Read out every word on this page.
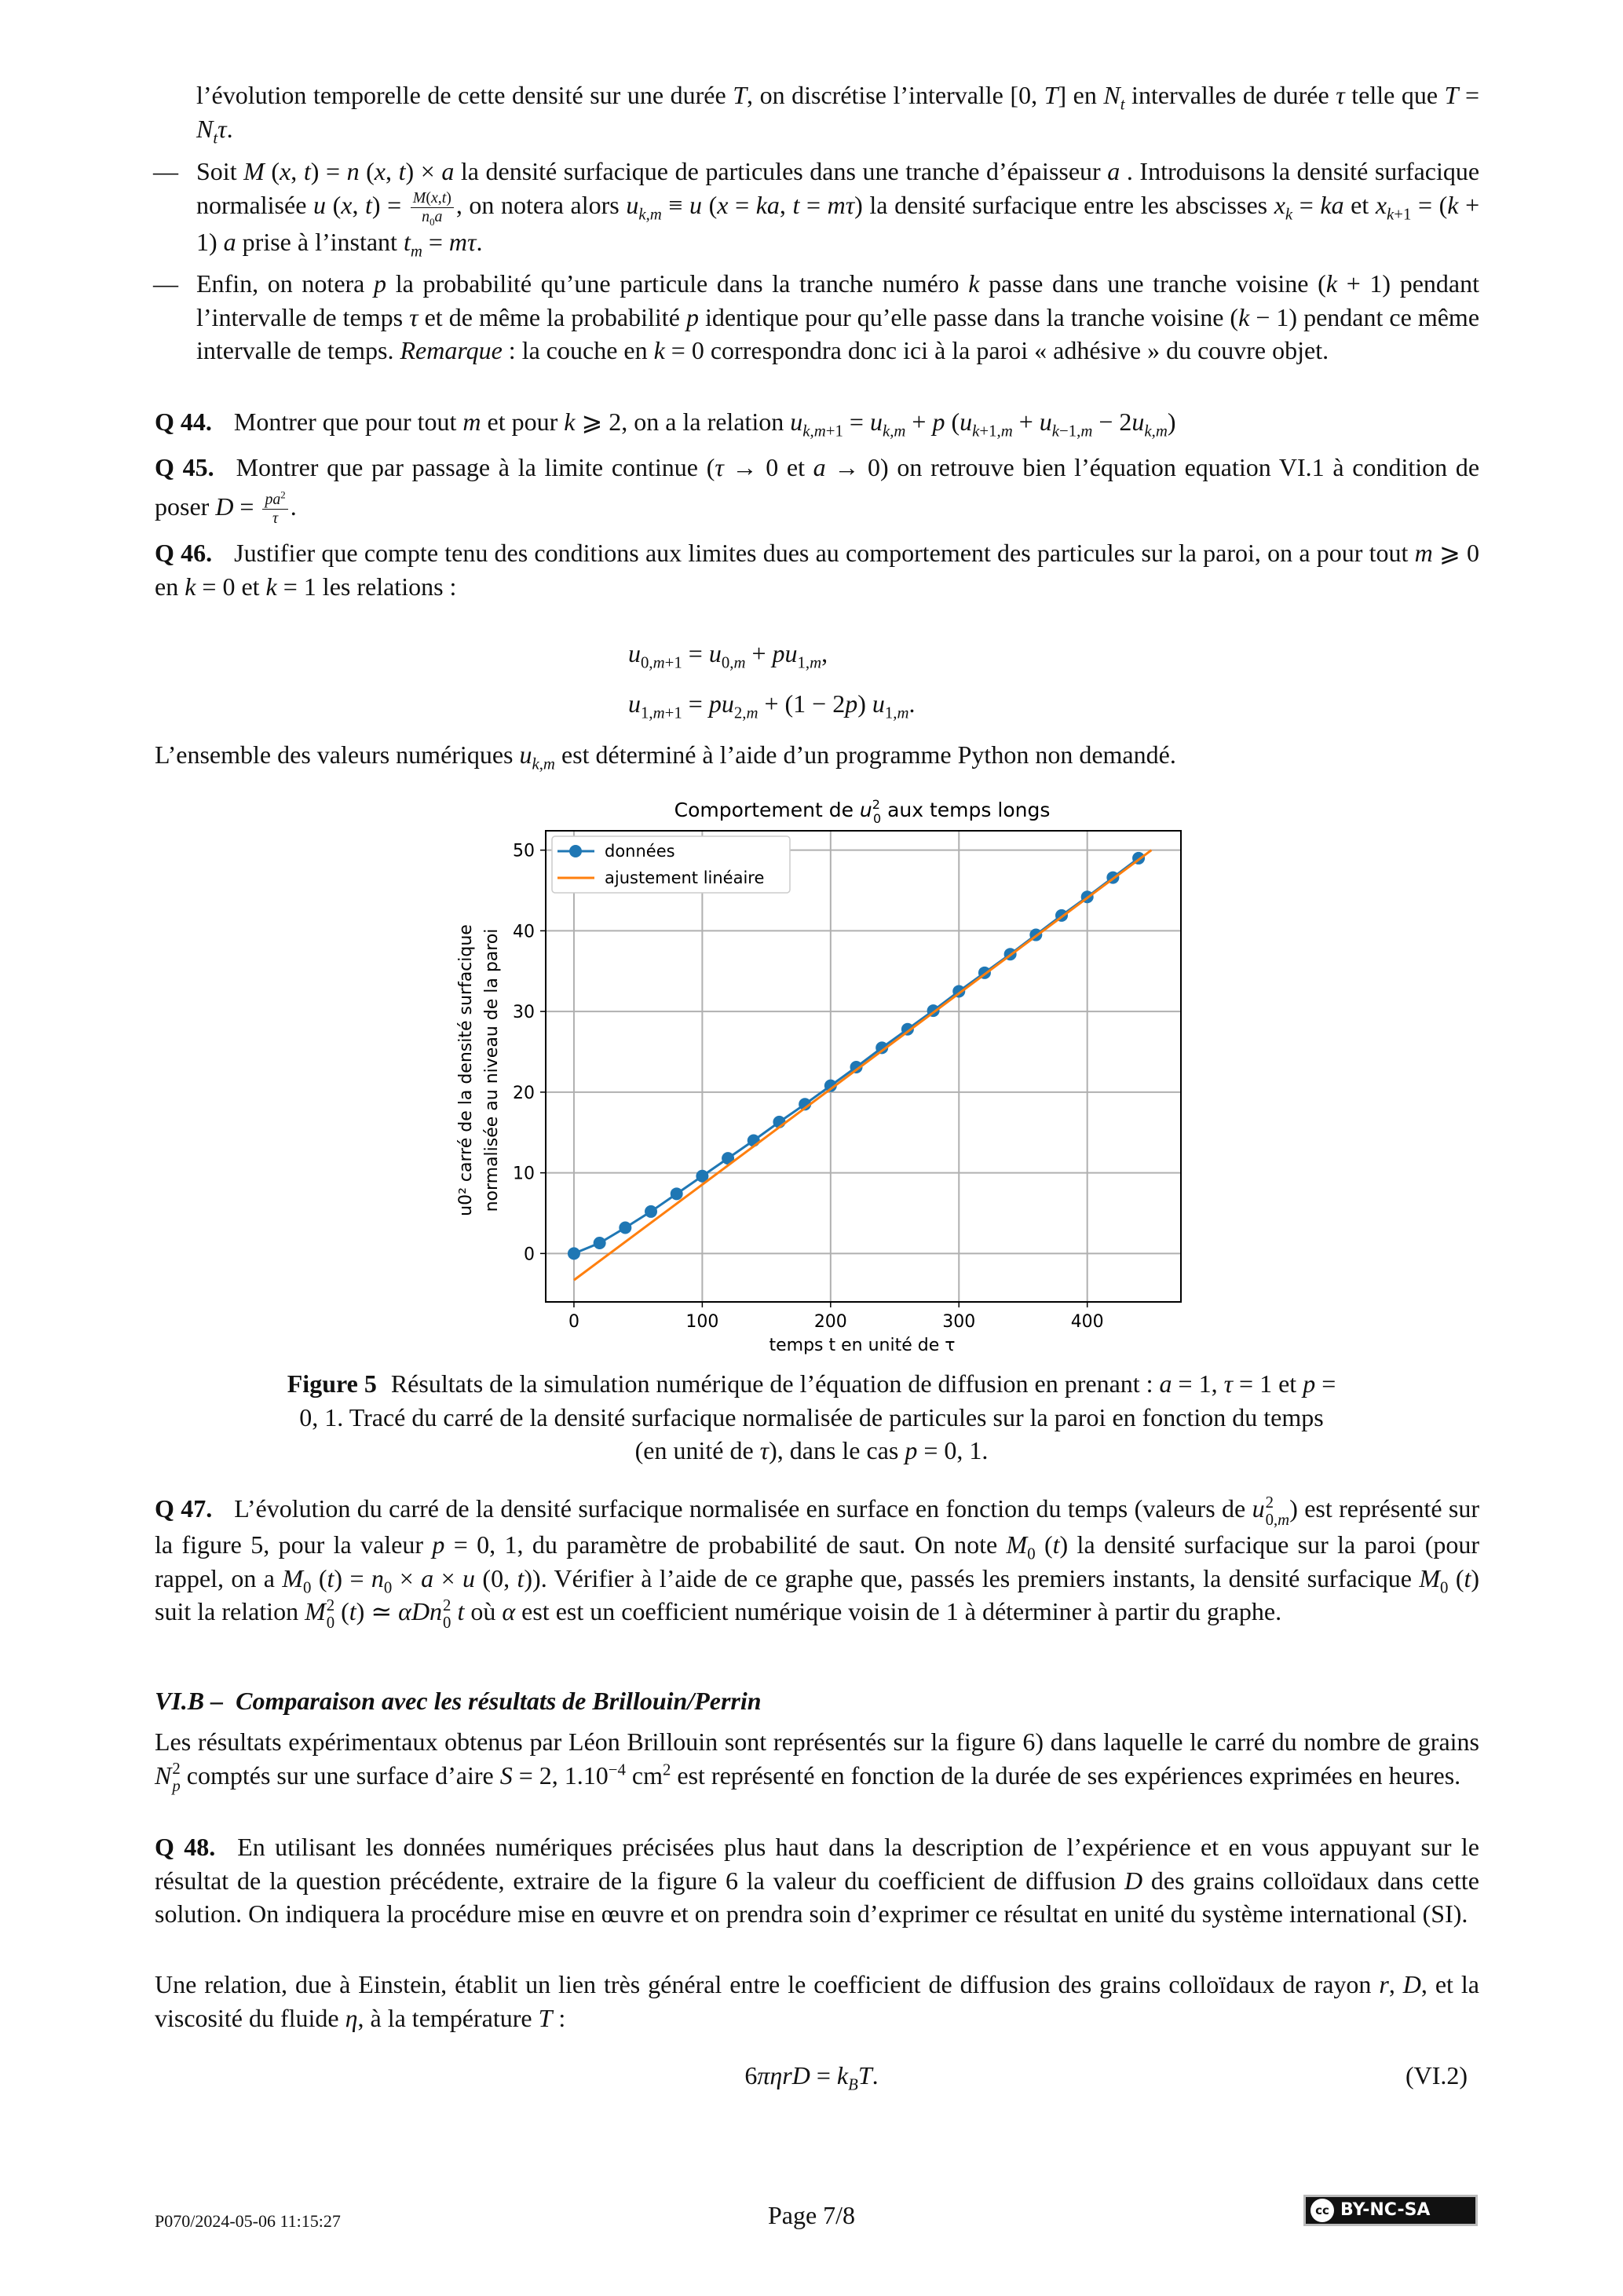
l’évolution temporelle de cette densité sur une durée T, on discrétise l’intervalle [0, T] en $N_t$ intervalles de durée τ telle que $T = N_t\tau$.
— Soit M (x, t) = n (x, t) × a la densité surfacique de particules dans une tranche d’épaisseur a . Introduisons la densité surfacique normalisée u (x, $t) = \frac{M(x,t)}{n_0a}$ , on notera alors $u_{k,m} \equiv u$ (x = ka, t = mτ) la densité surfacique entre les abscisses $x_k$ = ka et $x_{k+1} = (k + 1)$ a prise à l’instant $t_m = m\tau$.
— Enfin, on notera p la probabilité qu’une particule dans la tranche numéro k passe dans une tranche voisine (k + 1) pendant l’intervalle de temps τ et de même la probabilité p identique pour qu’elle passe dans la tranche voisine (k − 1) pendant ce même intervalle de temps. Remarque : la couche en k = 0 correspondra donc ici à la paroi « adhésive » du couvre objet.
Q 44. Montrer que pour tout m et pour k ⩾ 2, on a la relation $u_{k,m+1} = u_{k,m} + p$ $(u_{k+1,m} + u_{k-1,m} - 2u_{k,m})$
Q 45. Montrer que par passage à la limite continue (τ → 0 et a → 0) on retrouve bien l’équation equation VI.1 à condition de poser $D = \frac{pa^2}{\tau}$ .
Q 46. Justifier que compte tenu des conditions aux limites dues au comportement des particules sur la paroi, on a pour tout m ⩾ 0 en k = 0 et k = 1 les relations :
$u_{0,m+1} = u_{0,m} + pu_{1,m}$,
$u_{1,m+1} = pu_{2,m} + (1 - 2p)$ $u_{1,m}$.
L’ensemble des valeurs numériques $u_{k,m}$ est déterminé à l’aide d’un programme Python non demandé.
u0² carré de la densité surfacique normalisée au niveau de la paroi
0	100	200	300	400
0
10
20
30
40
50	données
ajustement linéaire
Comportement de $u^2$ 0 aux temps longs
temps t en unité de τ
Figure 5 Résultats de la simulation numérique de l’équation de diffusion en prenant : a = 1, τ = 1 et p = 0, 1. Tracé du carré de la densité surfacique normalisée de particules sur la paroi en fonction du temps (en unité de τ), dans le cas p = 0, 1.
Q 47. L’évolution du carré de la densité surfacique normalisée en surface en fonction du temps (valeurs de u 2
0,m ) est représenté sur la figure 5, pour la valeur p = 0, 1, du paramètre de probabilité de saut. On note $M_0$ (t) la densité surfacique sur la paroi (pour rappel, on a $M_0$ $(t) = n_0 \times a \times u$ (0, t)). Vérifier à l’aide de ce graphe que, passés les premiers instants, la densité surfacique $M_0$ (t) suit la relation M 2
0 (t) ≃ αDn 2
0 t où α est est un coefficient numérique voisin de 1 à déterminer à partir du graphe.
VI.B – Comparaison avec les résultats de Brillouin/Perrin
Les résultats expérimentaux obtenus par Léon Brillouin sont représentés sur la figure 6) dans laquelle le carré du nombre de grains N 2
p comptés sur une surface d’aire S = 2, $1.10^{-4}$ $cm^2$ est représenté en fonction de la durée de ses expériences exprimées en heures.
Q 48. En utilisant les données numériques précisées plus haut dans la description de l’expérience et en vous appuyant sur le résultat de la question précédente, extraire de la figure 6 la valeur du coefficient de diffusion D des grains colloïdaux dans cette solution. On indiquera la procédure mise en œuvre et on prendra soin d’exprimer ce résultat en unité du système international (SI).
Une relation, due à Einstein, établit un lien très général entre le coefficient de diffusion des grains colloïdaux de rayon r, D, et la viscosité du fluide η, à la température T :
$6\pi\eta rD = k_BT$.	(VI.2)
P070/2024-05-06 11:15:27	Page 7/8	cc BY-NC-SA
